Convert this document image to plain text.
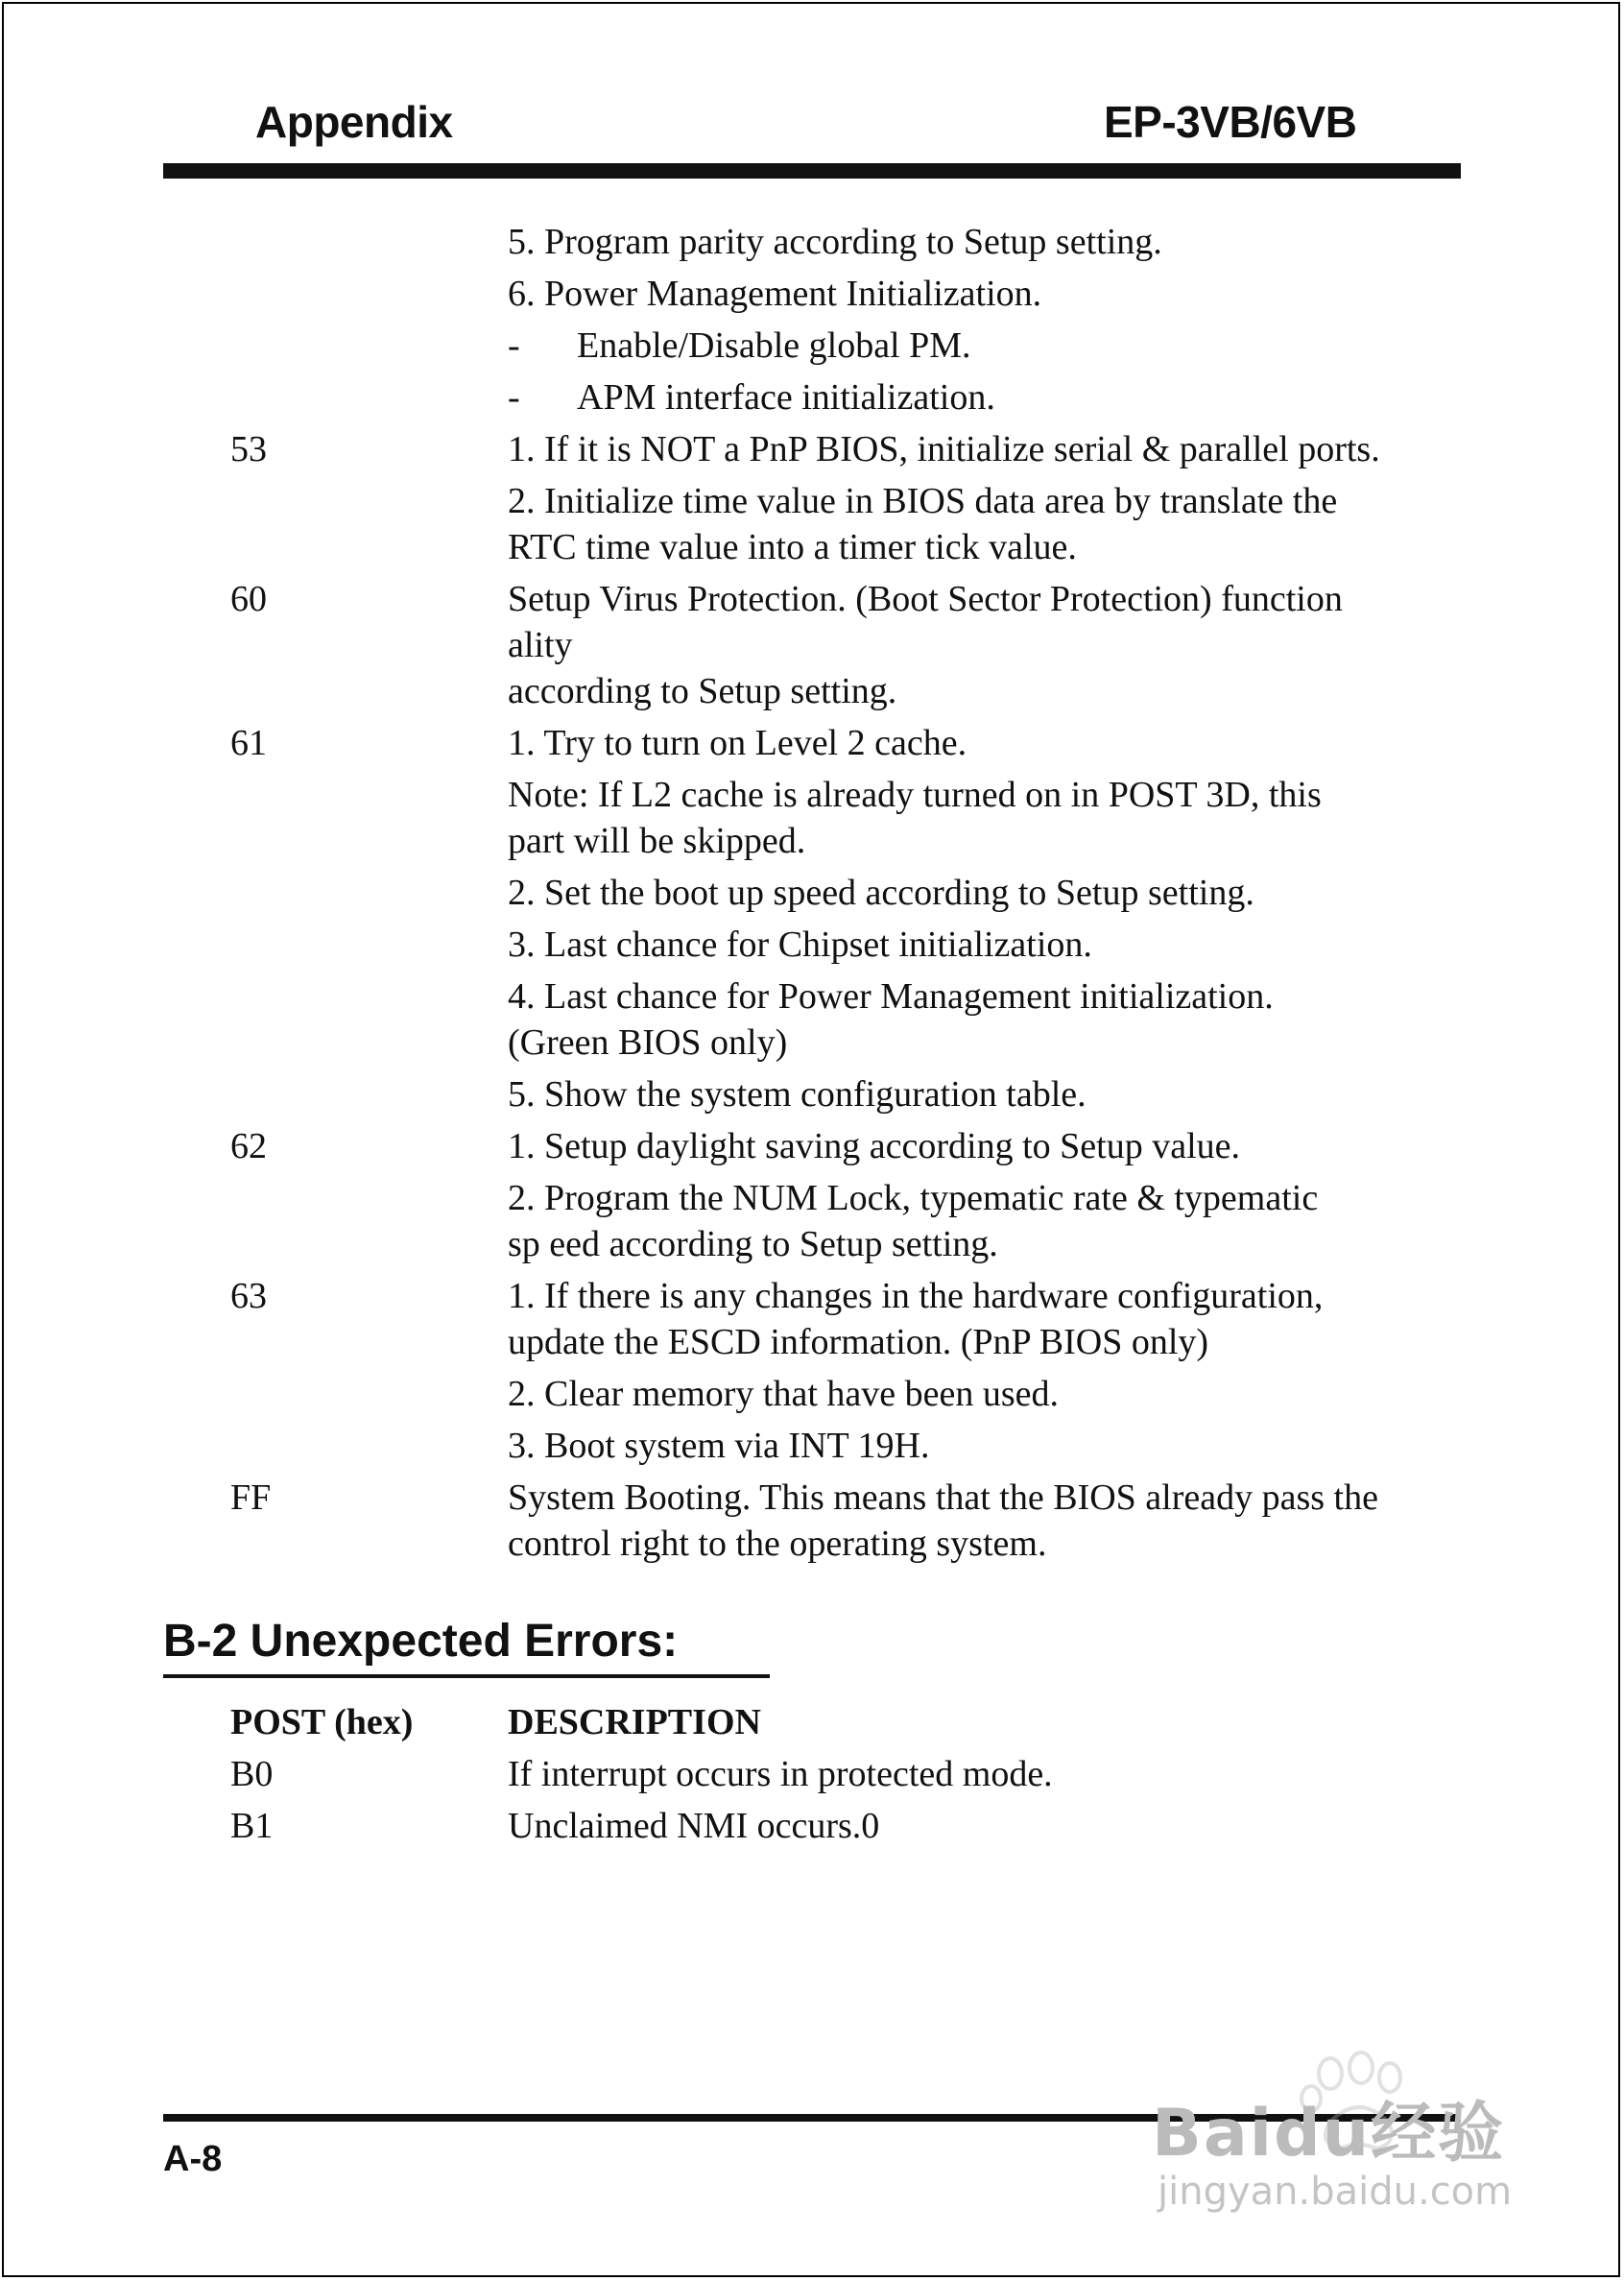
Appendix	EP-3VB/6VB
5. Program parity according to Setup setting.
6. Power Management Initialization.
- Enable/Disable global PM.
- APM interface initialization.
53	1. If it is NOT a PnP BIOS, initialize serial & parallel ports.
2. Initialize time value in BIOS data area by translate the
RTC time value into a timer tick value.
60	Setup Virus Protection. (Boot Sector Protection) function
ality
according to Setup setting.
61	1. Try to turn on Level 2 cache.
Note: If L2 cache is already turned on in POST 3D, this
part will be skipped.
2. Set the boot up speed according to Setup setting.
3. Last chance for Chipset initialization.
4. Last chance for Power Management initialization.
(Green BIOS only)
5. Show the system configuration table.
62	1. Setup daylight saving according to Setup value.
2. Program the NUM Lock, typematic rate & typematic
sp eed according to Setup setting.
63	1. If there is any changes in the hardware configuration,
update the ESCD information. (PnP BIOS only)
2. Clear memory that have been used.
3. Boot system via INT 19H.
FF	System Booting. This means that the BIOS already pass the
control right to the operating system.
B-2 Unexpected Errors:
POST (hex)	DESCRIPTION
B0	If interrupt occurs in protected mode.
B1	Unclaimed NMI occurs.0
A-8	Baidu经验
jingyan.baidu.com
